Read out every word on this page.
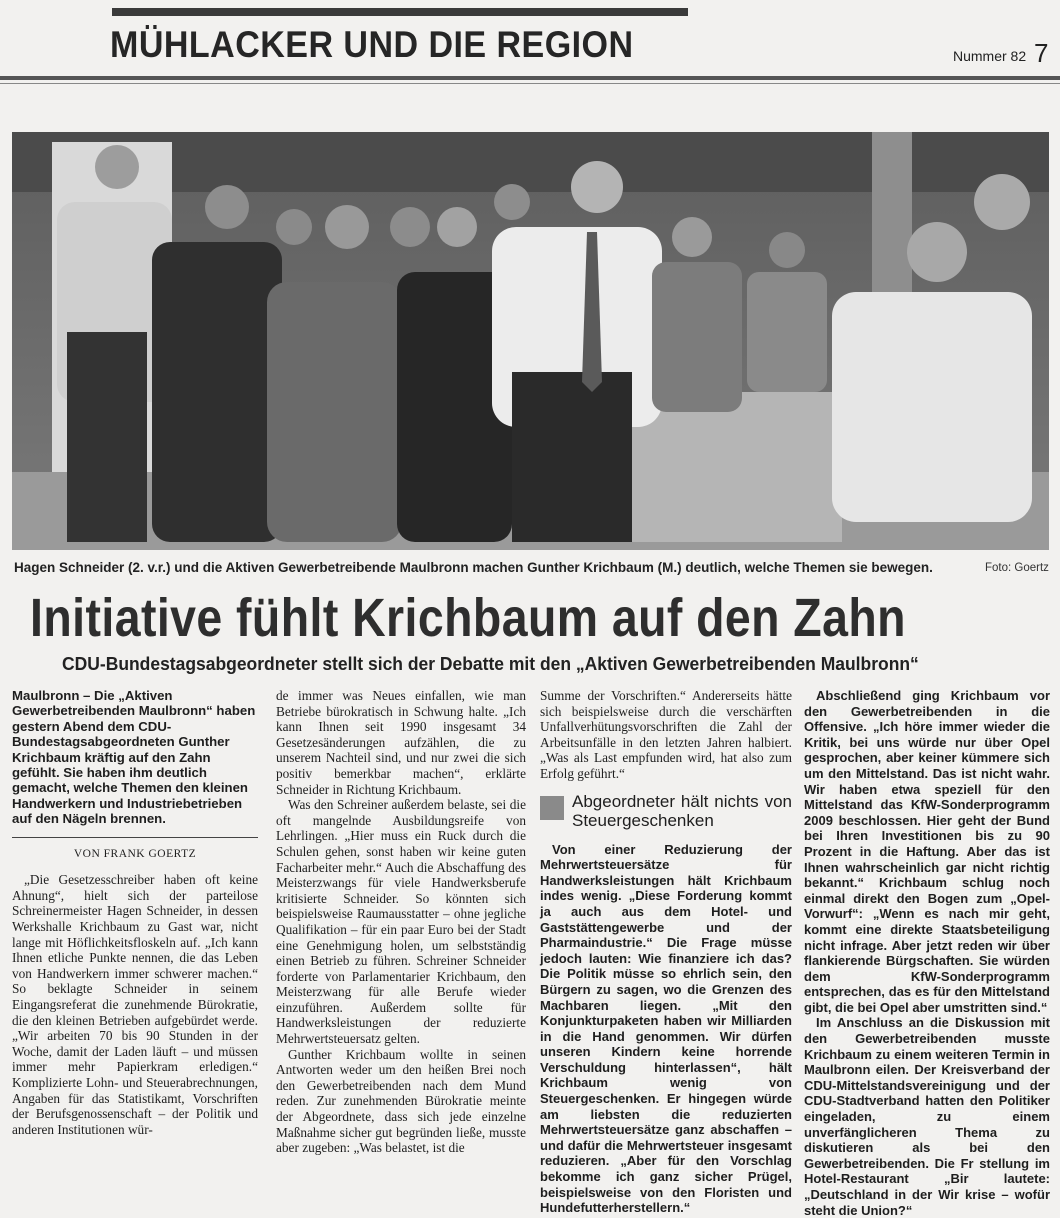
MÜHLACKER UND DIE REGION	Nummer 82 7
Hagen Schneider (2. v.r.) und die Aktiven Gewerbetreibende Maulbronn machen Gunther Krichbaum (M.) deutlich, welche Themen sie bewegen.	Foto: Goertz
Initiative fühlt Krichbaum auf den Zahn
CDU-Bundestagsabgeordneter stellt sich der Debatte mit den „Aktiven Gewerbetreibenden Maulbronn“

Maulbronn – Die „Aktiven Gewerbetreibenden Maulbronn“ haben gestern Abend dem CDU-Bundestagsabgeordneten Gunther Krichbaum kräftig auf den Zahn gefühlt. Sie haben ihm deutlich gemacht, welche Themen den kleinen Handwerkern und Industriebetrieben auf den Nägeln brennen.

VON FRANK GOERTZ

„Die Gesetzesschreiber haben oft keine Ahnung“, hielt sich der parteilose Schreinermeister Hagen Schneider, in dessen Werkshalle Krichbaum zu Gast war, nicht lange mit Höflichkeitsfloskeln auf. „Ich kann Ihnen etliche Punkte nennen, die das Leben von Handwerkern immer schwerer machen.“ So beklagte Schneider in seinem Eingangsreferat die zunehmende Bürokratie, die den kleinen Betrieben aufgebürdet werde. „Wir arbeiten 70 bis 90 Stunden in der Woche, damit der Laden läuft – und müssen immer mehr Papierkram erledigen.“ Komplizierte Lohn- und Steuerabrechnungen, Angaben für das Statistikamt, Vorschriften der Berufsgenossenschaft – der Politik und anderen Institutionen wür-

de immer was Neues einfallen, wie man Betriebe bürokratisch in Schwung halte. „Ich kann Ihnen seit 1990 insgesamt 34 Gesetzesänderungen aufzählen, die zu unserem Nachteil sind, und nur zwei die sich positiv bemerkbar machen“, erklärte Schneider in Richtung Krichbaum.

Was den Schreiner außerdem belaste, sei die oft mangelnde Ausbildungsreife von Lehrlingen. „Hier muss ein Ruck durch die Schulen gehen, sonst haben wir keine guten Facharbeiter mehr.“ Auch die Abschaffung des Meisterzwangs für viele Handwerksberufe kritisierte Schneider. So könnten sich beispielsweise Raumausstatter – ohne jegliche Qualifikation – für ein paar Euro bei der Stadt eine Genehmigung holen, um selbstständig einen Betrieb zu führen. Schreiner Schneider forderte von Parlamentarier Krichbaum, den Meisterzwang für alle Berufe wieder einzuführen. Außerdem sollte für Handwerksleistungen der reduzierte Mehrwertsteuersatz gelten.

Gunther Krichbaum wollte in seinen Antworten weder um den heißen Brei noch den Gewerbetreibenden nach dem Mund reden. Zur zunehmenden Bürokratie meinte der Abgeordnete, dass sich jede einzelne Maßnahme sicher gut begründen ließe, musste aber zugeben: „Was belastet, ist die

Summe der Vorschriften.“ Andererseits hätte sich beispielsweise durch die verschärften Unfallverhütungsvorschriften die Zahl der Arbeitsunfälle in den letzten Jahren halbiert. „Was als Last empfunden wird, hat also zum Erfolg geführt.“

Abgeordneter hält nichts von Steuergeschenken

Von einer Reduzierung der Mehrwertsteuersätze für Handwerksleistungen hält Krichbaum indes wenig. „Diese Forderung kommt ja auch aus dem Hotel- und Gaststättengewerbe und der Pharmaindustrie.“ Die Frage müsse jedoch lauten: Wie finanziere ich das? Die Politik müsse so ehrlich sein, den Bürgern zu sagen, wo die Grenzen des Machbaren liegen. „Mit den Konjunkturpaketen haben wir Milliarden in die Hand genommen. Wir dürfen unseren Kindern keine horrende Verschuldung hinterlassen“, hält Krichbaum wenig von Steuergeschenken. Er hingegen würde am liebsten die reduzierten Mehrwertsteuersätze ganz abschaffen – und dafür die Mehrwertsteuer insgesamt reduzieren. „Aber für den Vorschlag bekomme ich ganz sicher Prügel, beispielsweise von den Floristen und Hundefutterherstellern.“

Abschließend ging Krichbaum vor den Gewerbetreibenden in die Offensive. „Ich höre immer wieder die Kritik, bei uns würde nur über Opel gesprochen, aber keiner kümmere sich um den Mittelstand. Das ist nicht wahr. Wir haben etwa speziell für den Mittelstand das KfW-Sonderprogramm 2009 beschlossen. Hier geht der Bund bei Ihren Investitionen bis zu 90 Prozent in die Haftung. Aber das ist Ihnen wahrscheinlich gar nicht richtig bekannt.“ Krichbaum schlug noch einmal direkt den Bogen zum „Opel-Vorwurf“: „Wenn es nach mir geht, kommt eine direkte Staatsbeteiligung nicht infrage. Aber jetzt reden wir über flankierende Bürgschaften. Sie würden dem KfW-Sonderprogramm entsprechen, das es für den Mittelstand gibt, die bei Opel aber umstritten sind.“

Im Anschluss an die Diskussion mit den Gewerbetreibenden musste Krichbaum zu einem weiteren Termin in Maulbronn eilen. Der Kreisverband der CDU-Mittelstandsvereinigung und der CDU-Stadtverband hatten den Politiker eingeladen, zu einem unverfänglicheren Thema zu diskutieren als bei den Gewerbetreibenden. Die Fr stellung im Hotel-Restaurant „Bir lautete: „Deutschland in der Wir krise – wofür steht die Union?“
